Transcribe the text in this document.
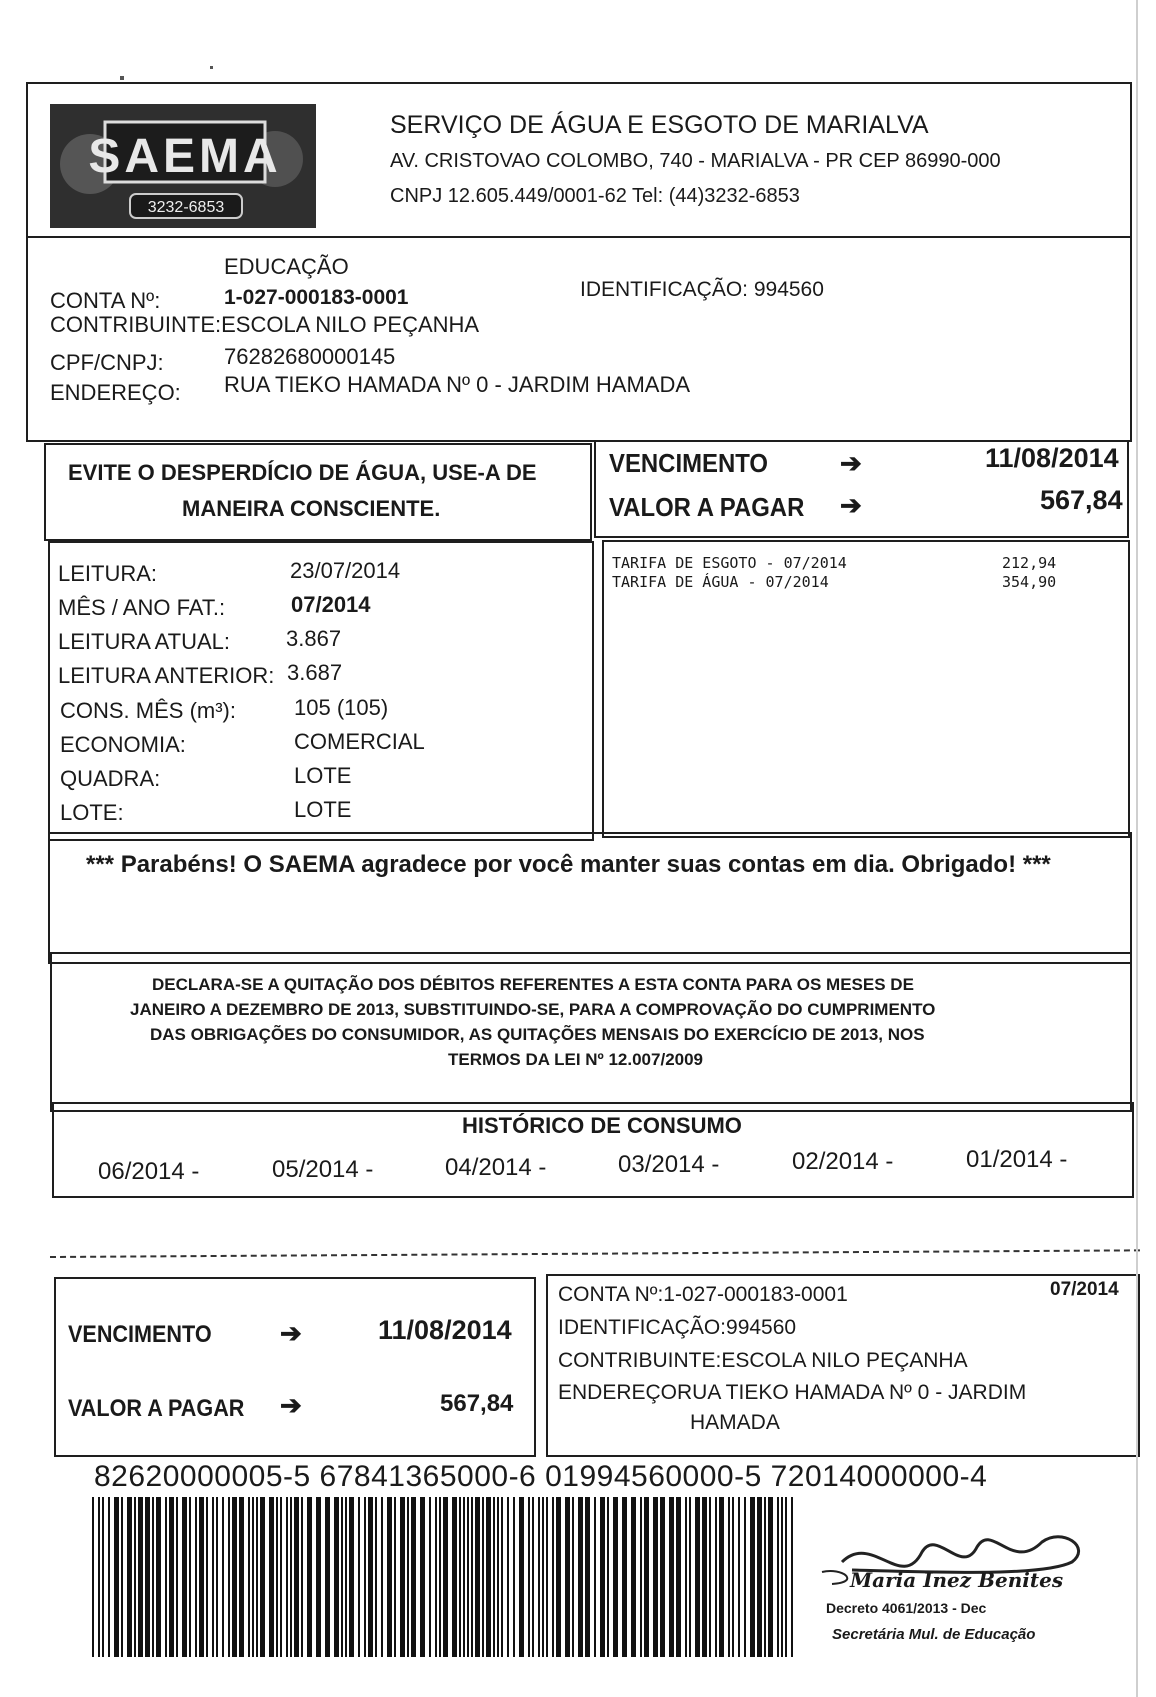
SAEMA
3232-6853
SERVIÇO DE ÁGUA E ESGOTO DE MARIALVA
AV. CRISTOVAO COLOMBO, 740 - MARIALVA - PR CEP 86990-000
CNPJ 12.605.449/0001-62 Tel: (44)3232-6853
EDUCAÇÃO
CONTA Nº:	1-027-000183-0001	IDENTIFICAÇÃO: 994560
CONTRIBUINTE:ESCOLA NILO PEÇANHA
CPF/CNPJ:	76282680000145
ENDEREÇO: RUA TIEKO HAMADA Nº 0 - JARDIM HAMADA
EVITE O DESPERDÍCIO DE ÁGUA, USE-A DE
MANEIRA CONSCIENTE.
VENCIMENTO	➔	11/08/2014
VALOR A PAGAR ➔	567,84
LEITURA:	23/07/2014
MÊS / ANO FAT.:	07/2014
LEITURA ATUAL:	3.867
LEITURA ANTERIOR: 3.687
CONS. MÊS (m³):	105 (105)
ECONOMIA:	COMERCIAL
QUADRA:	LOTE
LOTE:	LOTE
TARIFA DE ESGOTO - 07/2014	212,94
TARIFA DE ÁGUA - 07/2014	354,90
*** Parabéns! O SAEMA agradece por você manter suas contas em dia. Obrigado! ***
DECLARA-SE A QUITAÇÃO DOS DÉBITOS REFERENTES A ESTA CONTA PARA OS MESES DE
JANEIRO A DEZEMBRO DE 2013, SUBSTITUINDO-SE, PARA A COMPROVAÇÃO DO CUMPRIMENTO
DAS OBRIGAÇÕES DO CONSUMIDOR, AS QUITAÇÕES MENSAIS DO EXERCÍCIO DE 2013, NOS
TERMOS DA LEI Nº 12.007/2009
HISTÓRICO DE CONSUMO
06/2014 -	05/2014 -	04/2014 -	03/2014 -	02/2014 -	01/2014 -
VENCIMENTO	➔	11/08/2014
VALOR A PAGAR ➔	567,84
CONTA Nº:1-027-000183-0001	07/2014
IDENTIFICAÇÃO:994560
CONTRIBUINTE:ESCOLA NILO PEÇANHA
ENDEREÇORUA TIEKO HAMADA Nº 0 - JARDIM
HAMADA
82620000005-5 67841365000-6 01994560000-5 72014000000-4
Maria Inez Benites
Decreto 4061/2013 - Dec
Secretária Mul. de Educação
